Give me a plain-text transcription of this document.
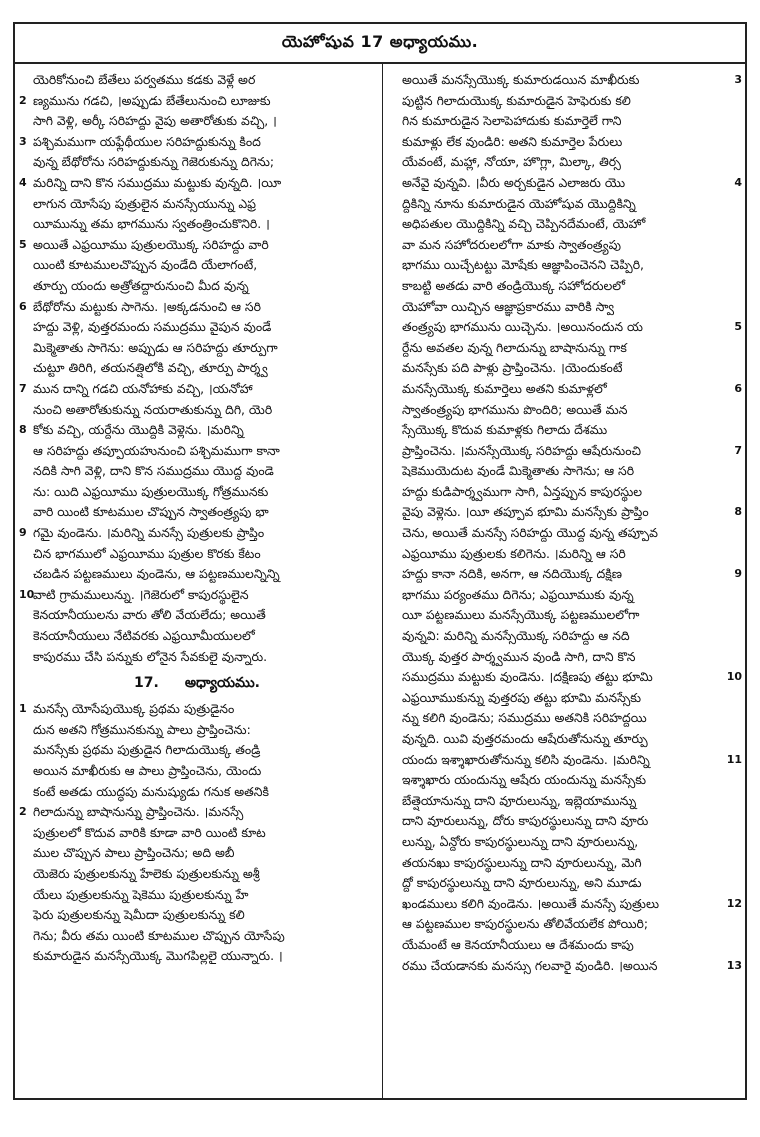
యెహోషువ 17 అధ్యాయము.
యెరికోనుంచి బేతేలు పర్వతము కడకు వెళ్లే అర
2 ణ్యమును గడచి, ।అప్పుడు బేతేలునుంచి లూజుకు
సాగి వెళ్లి, అర్కీ సరిహద్దు వైపు అతారోతుకు వచ్చి, ।
3 పశ్చిమముగా యఫ్లేథీయుల సరిహద్దుకున్ను కింద
వున్న బేథోరోను సరిహద్దుకున్ను గెజెరుకున్ను దిగెను;
4 మరిన్ని దాని కొన సముద్రము మట్టుకు వున్నది. ।యీ
లాగున యోసేపు పుత్రులైన మనస్సేయున్ను ఎఫ్ర
యీమున్ను తమ భాగమును స్వతంత్రించుకొనిరి. ।
5 అయితే ఎఫ్రయీము పుత్రులయొక్క సరిహద్దు వారి
యింటి కూటములచొప్పున వుండేది యేలాగంటే,
తూర్పు యందు అత్రోతద్దారునుంచి మీద వున్న
6 బేథోరోను మట్టుకు సాగెను. ।అక్కడనుంచి ఆ సరి
హద్దు వెళ్లి, వుత్తరమందు సముద్రము వైపున వుండే
మిక్మెతాతు సాగెను: అప్పుడు ఆ సరిహద్దు తూర్పుగా
చుట్టూ తిరిగి, తయనత్షిలోకి వచ్చి, తూర్పు పార్శ్వ
7 మున దాన్ని గడచి యనోహాకు వచ్చి, ।యనోహా
నుంచి అతారోతుకున్ను నయరాతుకున్ను దిగి, యెరి
8 కోకు వచ్చి, యర్దేను యొద్దికి వెళ్లెను. ।మరిన్ని
ఆ సరిహద్దు తప్పూయహునుంచి పశ్చిమముగా కానా
నదికి సాగి వెళ్లి, దాని కొన సముద్రము యొద్ద వుండె
ను: యిది ఎఫ్రయీము పుత్రులయొక్క గోత్రమునకు
వారి యింటి కూటముల చొప్పున స్వాతంత్ర్యపు భా
9 గమై వుండెను. ।మరిన్ని మనస్సే పుత్రులకు ప్రాప్తిం
చిన భాగములో ఎఫ్రయీము పుత్రుల కొరకు కేటం
చబడిన పట్టణములు వుండెను, ఆ పట్టణములన్నిన్ని
10
వాటి గ్రామములున్ను. ।గెజెరులో కాపురస్థులైన
కెనయానీయులను వారు తోలి వేయలేదు; అయితే
కెనయానీయులు నేటివరకు ఎఫ్రయీమీయులలో
కాపురము చేసి పన్నుకు లోనైన సేవకులై వున్నారు.
17. అధ్యాయము.
1 మనస్సే యోసేపుయొక్క ప్రథమ పుత్రుడైనం
దున అతని గోత్రమునకున్ను పాలు ప్రాప్తించెను:
మనస్సేకు ప్రథమ పుత్రుడైన గిలాదుయొక్క తండ్రి
అయిన మాఖీరుకు ఆ పాలు ప్రాప్తించెను, యెందు
కంటే అతడు యుద్ధపు మనుష్యుడు గనుక అతనికి
2 గిలాదున్ను బాషానున్ను ప్రాప్తించెను. ।మనస్సే
పుత్రులలో కొదువ వారికి కూడా వారి యింటి కూట
ముల చొప్పున పాలు ప్రాప్తించెను; అది అబీ
యెజెరు పుత్రులకున్ను హేలెకు పుత్రులకున్ను అశ్రీ
యేలు పుత్రులకున్ను షెకెము పుత్రులకున్ను హే
ఫెరు పుత్రులకున్ను షెమీదా పుత్రులకున్ను కలి
గెను; వీరు తమ యింటి కూటముల చొప్పున యోసేపు
కుమారుడైన మనస్సేయొక్క మొగపిల్లలై యున్నారు. ।
3
అయితే మనస్సేయొక్క కుమారుడయిన మాఖీరుకు
పుట్టిన గిలాదుయొక్క కుమారుడైన హెఫెరుకు కలి
గిన కుమారుడైన సెలాపెహాదుకు కుమార్తెలే గాని
కుమాళ్లు లేక వుండిరి: అతని కుమార్తెల పేరులు
యేవంటే, మహ్లా, నోయా, హొగ్లా, మిల్కా, తిర్స
4
అనేవై వున్నవి. ।వీరు అర్చకుడైన ఎలాజరు యొ
ద్దికిన్ని నూను కుమారుడైన యెహోషువ యొద్దికిన్ని
అధిపతుల యొద్దికిన్ని వచ్చి చెప్పినదేమంటే, యెహో
వా మన సహోదరులలోగా మాకు స్వాతంత్ర్యపు
భాగము యిచ్చేటట్టు మోషేకు ఆజ్ఞాపించెనని చెప్పిరి,
కాబట్టి అతడు వారి తండ్రియొక్క సహోదరులలో
యెహోవా యిచ్చిన ఆజ్ఞాప్రకారము వారికి స్వా
5
తంత్ర్యపు భాగమును యిచ్చెను. ।అయినందున య
ర్దేను అవతల వున్న గిలాదున్ను బాషానున్ను గాక
మనస్సేకు పది పాళ్లు ప్రాప్తించెను. ।యెందుకంటే
6
మనస్సేయొక్క కుమార్తెలు అతని కుమాళ్లలో
స్వాతంత్ర్యపు భాగమును పొందిరి; అయితే మన
స్సేయొక్క కొదువ కుమాళ్లకు గిలాదు దేశము
7
ప్రాప్తించెను. ।మనస్సేయొక్క సరిహద్దు ఆషేరునుంచి
షెకెముయెదుట వుండే మిక్మెతాతు సాగెను; ఆ సరి
హద్దు కుడిపార్శ్వముగా సాగి, ఏన్తప్పున కాపురస్థుల
8
వైపు వెళ్లెను. ।యీ తప్పూవ భూమి మనస్సేకు ప్రాప్తిం
చెను, అయితే మనస్సే సరిహద్దు యొద్ద వున్న తప్పూవ
ఎఫ్రయీము పుత్రులకు కలిగెను. ।మరిన్ని ఆ సరి
9
హద్దు కానా నదికి, అనగా, ఆ నదియొక్క దక్షిణ
భాగము పర్యంతము దిగెను; ఎఫ్రయీముకు వున్న
యీ పట్టణములు మనస్సేయొక్క పట్టణములలోగా
వున్నవి: మరిన్ని మనస్సేయొక్క సరిహద్దు ఆ నది
యొక్క వుత్తర పార్శ్వమున వుండి సాగి, దాని కొన
10
సముద్రము మట్టుకు వుండెను. ।దక్షిణపు తట్టు భూమి
ఎఫ్రయీముకున్ను వుత్తరపు తట్టు భూమి మనస్సేకు
న్ను కలిగి వుండెను; సముద్రము అతనికి సరిహద్దయి
వున్నది. యివి వుత్తరమందు ఆషేరుతోనున్ను తూర్పు
11
యందు ఇశ్శాఖారుతోనున్ను కలిసి వుండెను. ।మరిన్ని
ఇశ్శాఖారు యందున్ను ఆషేరు యందున్ను మనస్సేకు
బేత్షెయానున్ను దాని వూరులున్ను, ఇబ్లెయామున్ను
దాని వూరులున్ను, దోరు కాపురస్థులున్ను దాని వూరు
లున్ను, ఏన్దోరు కాపురస్థులున్ను దాని వూరులున్ను,
తయనఖు కాపురస్థులున్ను దాని వూరులున్ను, మెగి
ద్దో కాపురస్థులున్ను దాని వూరులున్ను, అని మూడు
12
ఖండములు కలిగి వుండెను. ।అయితే మనస్సే పుత్రులు
ఆ పట్టణముల కాపురస్థులను తోలివేయలేక పోయిరి;
యేమంటే ఆ కెనయానీయులు ఆ దేశమందు కాపు
13
రము చేయడానకు మనస్సు గలవారై వుండిరి. ।అయిన
